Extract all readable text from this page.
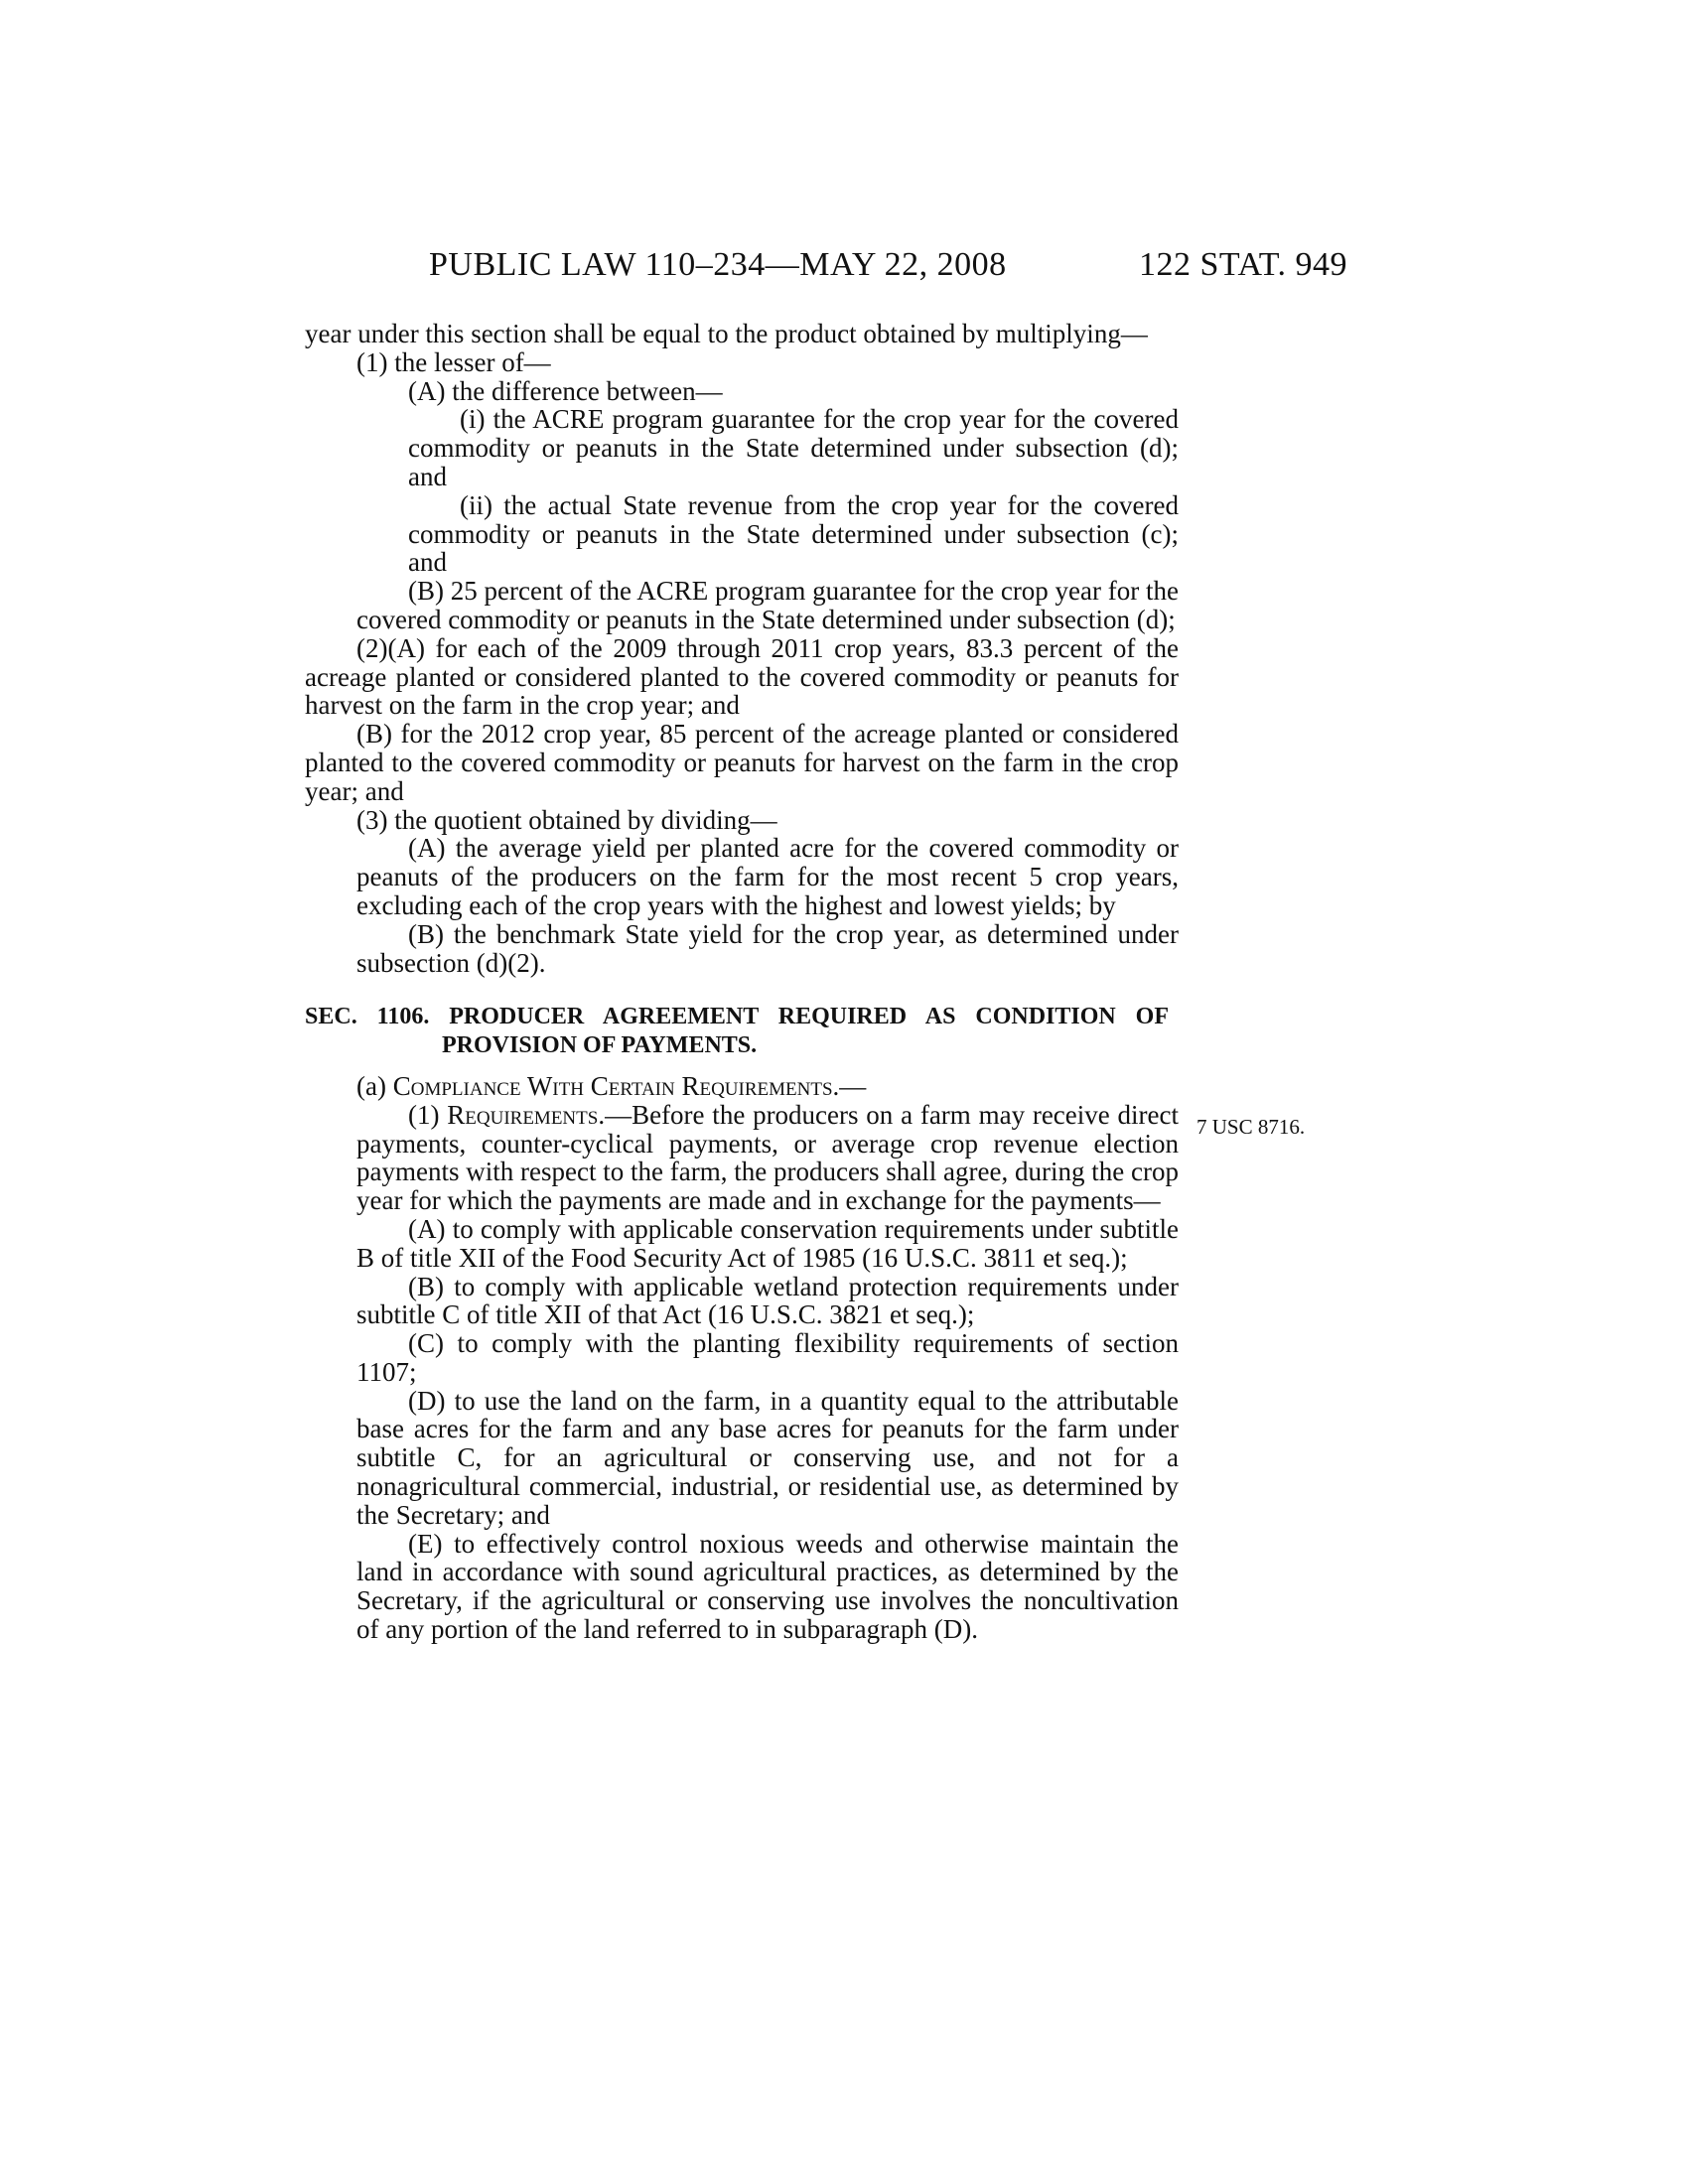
PUBLIC LAW 110–234—MAY 22, 2008	122 STAT. 949
7 USC 8716.

year under this section shall be equal to the product obtained by multiplying—

(1) the lesser of—

(A) the difference between—

(i) the ACRE program guarantee for the crop year for the covered commodity or peanuts in the State determined under subsection (d); and

(ii) the actual State revenue from the crop year for the covered commodity or peanuts in the State determined under subsection (c); and

(B) 25 percent of the ACRE program guarantee for the crop year for the covered commodity or peanuts in the State determined under subsection (d);

(2)(A) for each of the 2009 through 2011 crop years, 83.3 percent of the acreage planted or considered planted to the covered commodity or peanuts for harvest on the farm in the crop year; and

(B) for the 2012 crop year, 85 percent of the acreage planted or considered planted to the covered commodity or peanuts for harvest on the farm in the crop year; and

(3) the quotient obtained by dividing—

(A) the average yield per planted acre for the covered commodity or peanuts of the producers on the farm for the most recent 5 crop years, excluding each of the crop years with the highest and lowest yields; by

(B) the benchmark State yield for the crop year, as determined under subsection (d)(2).

SEC. 1106. PRODUCER AGREEMENT REQUIRED AS CONDITION OF PROVISION OF PAYMENTS.

(a) Compliance With Certain Requirements.—

(1) Requirements.—Before the producers on a farm may receive direct payments, counter-cyclical payments, or average crop revenue election payments with respect to the farm, the producers shall agree, during the crop year for which the payments are made and in exchange for the payments—

(A) to comply with applicable conservation requirements under subtitle B of title XII of the Food Security Act of 1985 (16 U.S.C. 3811 et seq.);

(B) to comply with applicable wetland protection requirements under subtitle C of title XII of that Act (16 U.S.C. 3821 et seq.);

(C) to comply with the planting flexibility requirements of section 1107;

(D) to use the land on the farm, in a quantity equal to the attributable base acres for the farm and any base acres for peanuts for the farm under subtitle C, for an agricultural or conserving use, and not for a nonagricultural commercial, industrial, or residential use, as determined by the Secretary; and

(E) to effectively control noxious weeds and otherwise maintain the land in accordance with sound agricultural practices, as determined by the Secretary, if the agricultural or conserving use involves the noncultivation of any portion of the land referred to in subparagraph (D).
